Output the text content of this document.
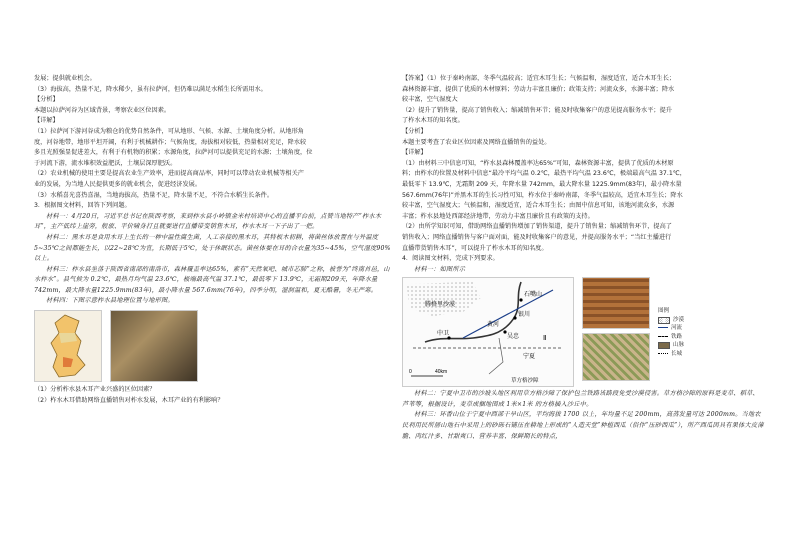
发展；提供就业机会。

（3）海拔高，热量不足，降水稀少，虽有拉萨河，但仍难以满足水稻生长所需用水。

【分析】

本题以拉萨河谷为区域背景，考察农业区位因素。

【详解】

（1）拉萨河下游河谷成为粮仓的优势自然条件，可从地形、气候、水源、土壤角度分析。从地形角

度，河谷地带，地形平坦开阔，有利于机械耕作；气候角度，海拔相对较低，热量相对充足，降水较

多且光照强显促进差大，有利于有机物的积累；水源角度，拉萨河可以提供充足的水源；土壤角度，位

于河流下游，流水堆积效益肥沃，土壤层深厚肥沃。

（2）农业机械的使用主要是提高农业生产效率，进而提高商品率，同时可以带动农业机械等相关产

业的发展，为当地人民提供更多的就业机会，促进经济发展。

（3）水稻喜光喜热喜湿，当地海拔高，热量不足，降水量不足，不符合水稻生长条件。

3．根据图文材料，回答下列问题。

材料一：4月20日，习近平总书记在陕西考察，来到柞水县小岭镇金米村培训中心的直播平台前，点赞当地特产“柞水木耳”，主产低纬上崖旁，般旅、平价啸身打且就要进行直播带变销售木耳，柞水木耳一下子出了一把。

材料二：黑木耳是食用木耳上生长的一种中温性腐生菌，人工亲接的黑木耳，其特板木初耕，将菌丝体放置在与外温度5~35℃之间都能生长，以22~28℃为宜，长期低于5℃，处于休眠状态。菌丝体要在耳的合衣量为35~45%，空气湿度90%以上。

材料三：柞水县坐落于陕西省南部的南洛市，森林覆盖率达65%，素有“天然氧吧、城市芯肺”之称，被誉为“终南首邑，山水柞水”。县气候为 0.2℃，最热月均气温 23.6℃，极端最高气温 37.1℃，最低零下 13.9℃，无霜期209天，年降水量742mm，最大降水量1225.9mm(83年)，最小降水量 567.6mm(76年)，四季分明，湿润温和，夏无酷暑，冬无严寒。

材料四：下图示意柞水县地理位置与地形图。

（1）分析柞水县木耳产业兴盛的区位因素？

（2）柞水木耳借助网络直播销售对柞水发展，木耳产业的有利影响？

【答案】（1）位于秦岭南部，冬季气温较高；适宜木耳生长；气候温和，湿度适宜，适合木耳生长；

森林资源丰富，提供了优质的木材原料；劳动力丰富且廉价；政策支持；河流众多，水源丰富；降水

较丰富，空气湿度大

（2）提升了销售量，提高了销售收入；缩减销售环节；能及时收集客户的意见提高服务水平；提升

了柞水木耳的知名度。

【分析】

本题主要考查了农业区位因素及网络直播销售的益处。

【详解】

（1）由材料三中信息可知，“柞水县森林覆盖率达65%”可知，森林资源丰富，提供了优质的木材原

料；由柞水的位置及材料中信息“最冷平均气温 0.2℃，最热平均气温 23.6℃，极端最高气温 37.1℃，

最低零下 13.9℃，无霜期 209 天，年降水量 742mm，最大降水量 1225.9mm(83年)，最小降水量

567.6mm(76年)”并黑木耳的生长习性可知，柞水位于秦岭南部，冬季气温较高，适宜木耳生长；降水

较丰富，空气湿度大；气候温和，湿度适宜，适合木耳生长；由图中信息可知，该地河流众多，水源

丰富；柞水县地处西部经济地带，劳动力丰富且廉价且有政策的支持。

（2）由所学知识可知，借助网络直播销售增加了销售渠道，提升了销售量；缩减销售环节，提高了

销售收入；网络直播销售与客户面对面，能及时收集客户的意见，并提高服务水平；“当红主播进行

直播带货销售木耳”，可以提升了柞水木耳的知名度。

4．阅读图文材料，完成下列要求。

材料一：如图所示

腾格里沙漠
石嘴山
银川
中卫	吴忠
黄河
宁夏
Ⅱ
0	40km
草方格沙障
图例
沙漠
河流
铁路
山脉
长城

材料二：宁夏中卫市的沙坡头地区利用草方格沙障了保护包兰铁路该路段免受沙漠侵害。草方格沙障的原料是麦草、稻草、芦苇等，根据设计，麦草成捆地围成 1米×1米 的方格插入沙丘中。

材料三：环香山位于宁夏中西部干旱山区，平均海拔 1700 以上，年均量不足 200mm，高蒸发量可达 2000mm。当地农民利用民所居山地石中采用上的砂砾石铺压在耕地上形成的“人造天堂”种植西瓜（俗作“压砂西瓜”），所产西瓜因具有果体大皮薄脆、肉红汁多、甘甜爽口、营养丰富、保鲜期长的特点，
